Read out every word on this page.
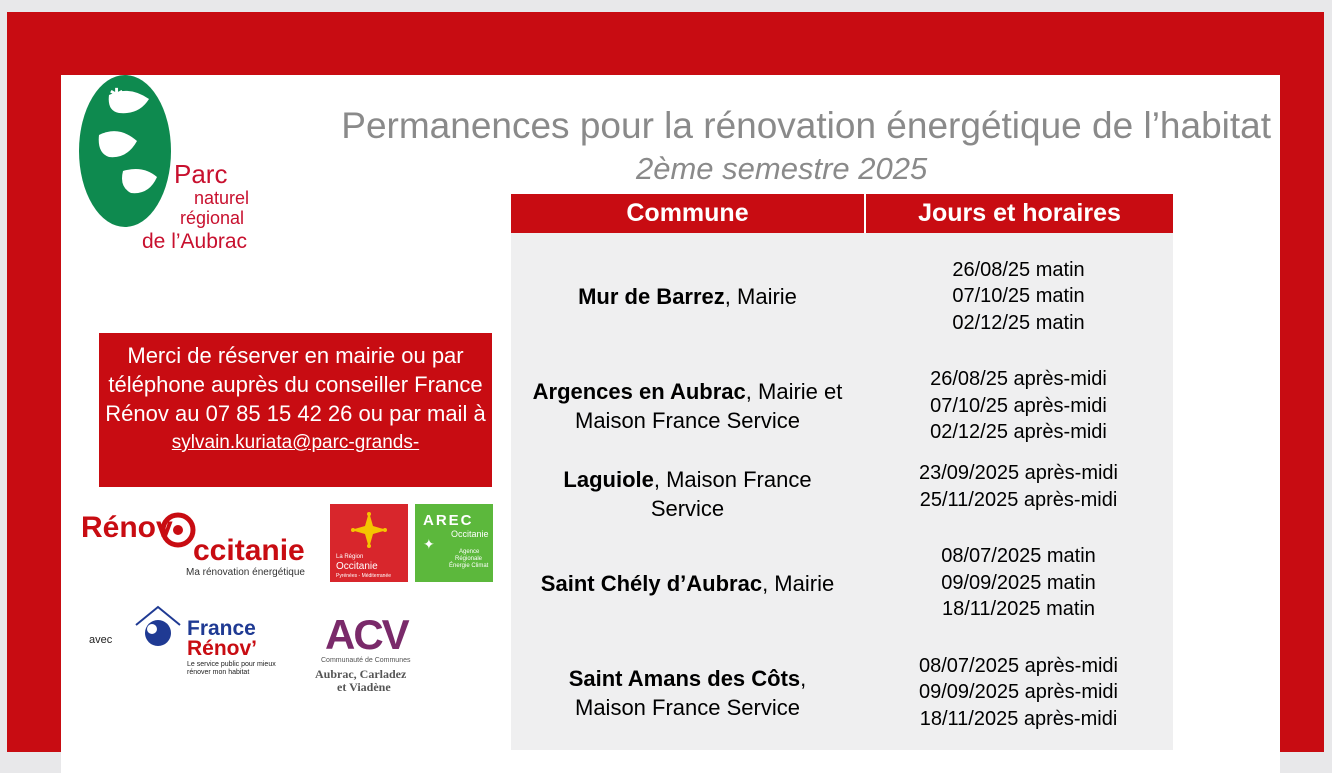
✱
Parc
naturel
régional
de l’Aubrac
Permanences pour la rénovation énergétique de l’habitat
2ème semestre 2025
Merci de réserver en mairie ou par téléphone auprès du conseiller France Rénov au 07 85 15 42 26 ou par mail à
sylvain.kuriata@parc-grands-
Rénov
ccitanie
Ma rénovation énergétique
La Région
Occitanie
Pyrénées - Méditerranée
AREC
Occitanie
✦	Agence
Régionale
Énergie Climat
avec	France
Rénov’
Le service public pour mieux
rénover mon habitat
ACV
Communauté de Communes
Aubrac, Carladez
et Viadène
Commune	Jours et horaires
Mur de Barrez, Mairie
26/08/25 matin
07/10/25 matin
02/12/25 matin
Argences en Aubrac, Mairie et Maison France Service
26/08/25 après-midi
07/10/25 après-midi
02/12/25 après-midi
Laguiole, Maison France Service
23/09/2025 après-midi
25/11/2025 après-midi
Saint Chély d’Aubrac, Mairie
08/07/2025 matin
09/09/2025 matin
18/11/2025 matin
Saint Amans des Côts, Maison France Service
08/07/2025 après-midi
09/09/2025 après-midi
18/11/2025 après-midi
